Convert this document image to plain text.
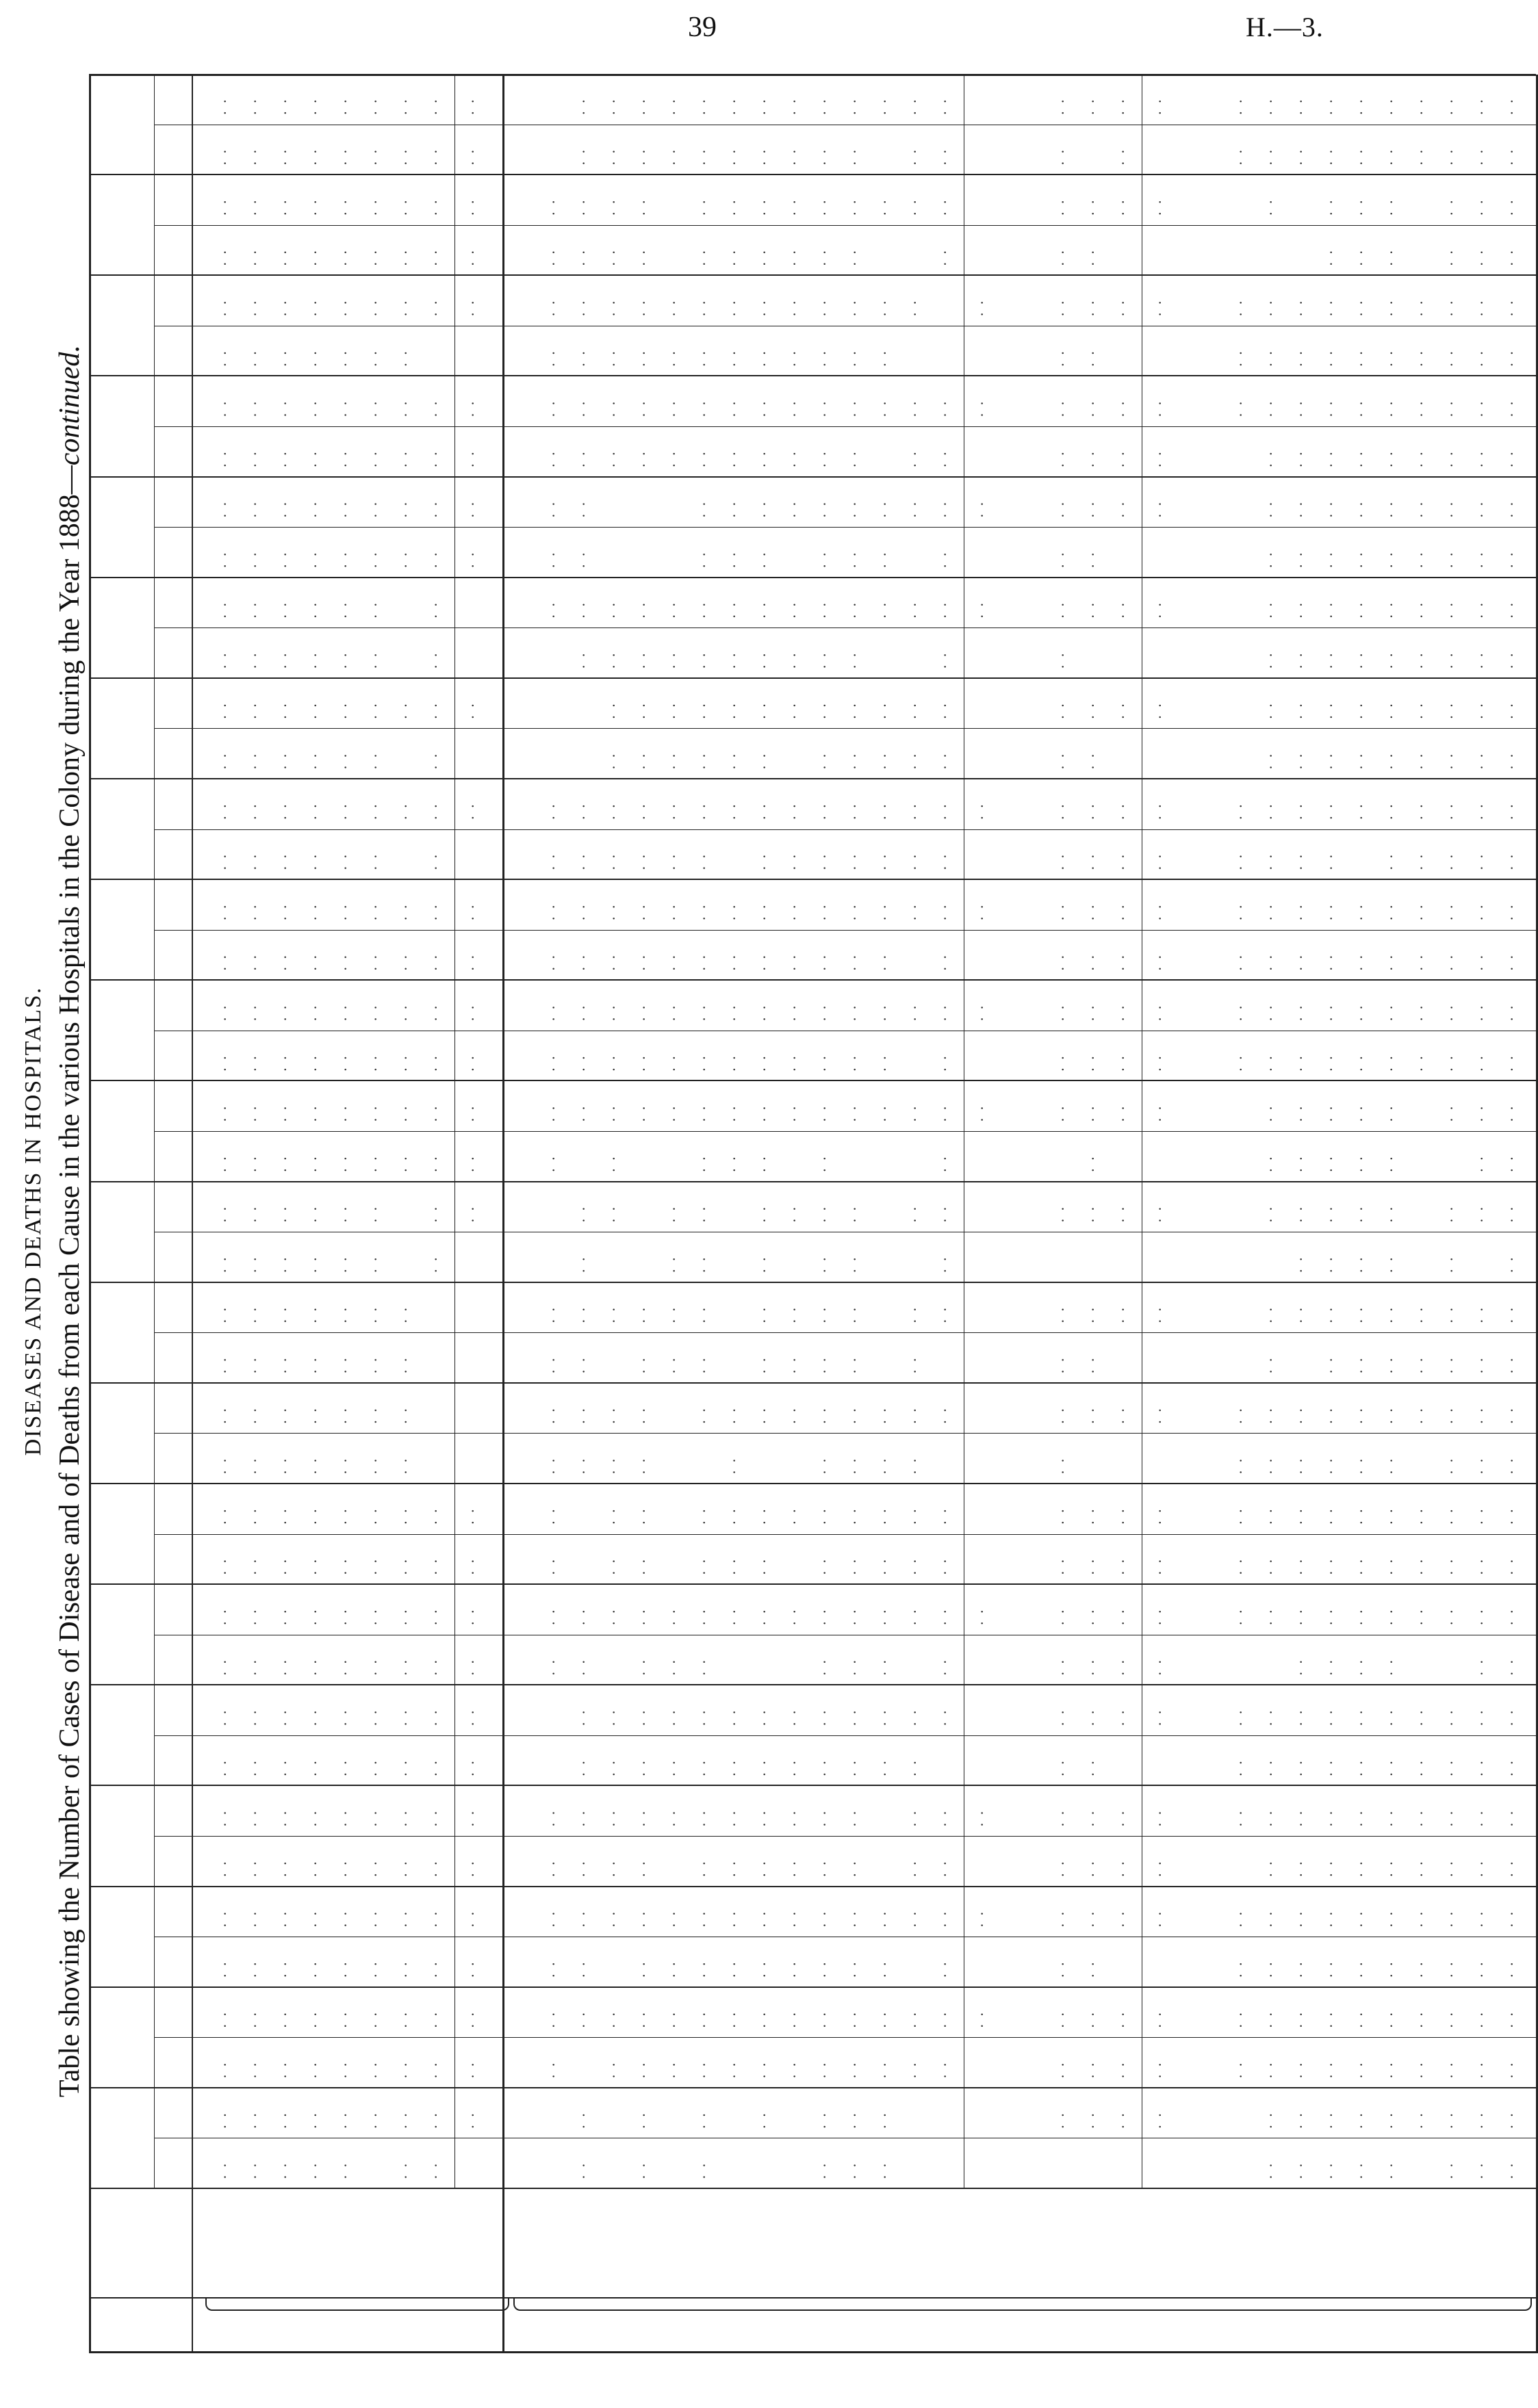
39	H.—3.
DISEASES AND DEATHS IN HOSPITALS. Table showing the Number of Cases of Disease and of Deaths from each Cause in the various Hospitals in the Colony during the Year 1888—continued.
. .
. .
. .
. .
. .
. .
. .
. .
. .
. .
. .
. .
. .
. .
. .
. .
. .
. .
. .
. .
. .
. .
. .
. .
. .
. .
. .
. .
. .
. .
. .
. .
. .
. .
. .
. .
. .
. .
. .
. .
. .
. .
. .
. .
. .
. .
. .
. .
. .
. .
. .
. .
. .
. .
. .
. .
. .
. .
. .
. .
. .
. .
. .
. .
. .
. .
. .
. .
. .
. .
. .
. .
. .
. .
. .
. .
. .
. .
. .
. .
. .
. .
. .
. .
. .
. .
. .
. .
. .
. .
. .
. .
. .
. .
. .
. .
. .
. .
. .
. .
. .
. .
. .
. .
. .
. .
. .
. .
. .
. .
. .
. .
. .
. .
. .
. .
. .
. .
. .
. .
. .
. .
. .
. .
. .
. .
. .
. .
. .
. .
. .
. .
. .
. .
. .
. .
. .
. .
. .
. .
. .
. .
. .
. .
. .
. .
. .
. .
. .
. .
. .
. .
. .
. .
. .
. .
. .
. .
. .
. .
. .
. .
. .
. .
. .
. .
. .
. .
. .
. .
. .
. .
. .
. .
. .
. .
. .
. .
. .
. .
. .
. .
. .
. .
. .
. .
. .
. .
. .
. .
. .
. .
. .
. .
. .
. .
. .
. .
. .
. .
. .
. .
. .
. .
. .
. .
. .
. .
. .
. .
. .
. .
. .
. .
. .
. .
. .
. .
. .
. .
. .
. .
. .
. .
. .
. .
. .
. .
. .
. .
. .
. .
. .
. .
. .
. .
. .
. .
. .
. .
. .
. .
. .
. .
. .
. .
. .
. .
. .
. .
. .
. .
. .
. .
. .
. .
. .
. .
. .
. .
. .
. .
. .
. .
. .
. .
. .
. .
. .
. .
. .
. .
. .
. .
. .
. .
. .
. .
. .
. .
. .
. .
. .
. .
. .
. .
. .
. .
. .
. .
. .
. .
. .
. .
. .
. .
. .
. .
. .
. .
. .
. .
. .
. .
. .
. .
. .
. .
. .
. .
. .
. .
. .
. .
. .
. .
. .
. .
. .
. .
. .
. .
. .
. .
. .
. .
. .
. .
. .
. .
. .
. .
. .
. .
. .
. .
. .
. .
. .
. .
. .
. .
. .
. .
. .
. .
. .
. .
. .
. .
. .
. .
. .
. .
. .
. .
. .
. .
. .
. .
. .
. .
. .
. .
. .
. .
. .
. .
. .
. .
. .
. .
. .
. .
. .
. .
. .
. .
. .
. .
. .
. .
. .
. .
. .
. .
. .
. .
. .
. .
. .
. .
. .
. .
. .
. .
. .
. .
. .
. .
. .
. .
. .
. .
. .
. .
. .
. .
. .
. .
. .
. .
. .
. .
. .
. .
. .
. .
. .
. .
. .
. .
. .
. .
. .
. .
. .
. .
. .
. .
. .
. .
. .
. .
. .
. .
. .
. .
. .
. .
. .
. .
. .
. .
. .
. .
. .
. .
. .
. .
. .
. .
. .
. .
. .
. .
. .
. .
. .
. .
. .
. .
. .
. .
. .
. .
. .
. .
. .
. .
. .
. .
. .
. .
. .
. .
. .
. .
. .
. .
. .
. .
. .
. .
. .
. .
. .
. .
. .
. .
. .
. .
. .
. .
. .
. .
. .
. .
. .
. .
. .
. .
. .
. .
. .
. .
. .
. .
. .
. .
. .
. .
. .
. .
. .
. .
. .
. .
. .
. .
. .
. .
. .
. .
. .
. .
. .
. .
. .
. .
. .
. .
. .
. .
. .
. .
. .
. .
. .
. .
. .
. .
. .
. .
. .
. .
. .
. .
. .
. .
. .
. .
. .
. .
. .
. .
. .
. .
. .
. .
. .
. .
. .
. .
. .
. .
. .
. .
. .
. .
. .
. .
. .
. .
. .
. .
. .
. .
. .
. .
. .
. .
. .
. .
. .
. .
. .
. .
. .
. .
. .
. .
. .
. .
. .
. .
. .
. .
. .
. .
. .
. .
. .
. .
. .
. .
. .
. .
. .
. .
. .
. .
. .
. .
. .
. .
. .
. .
. .
. .
. .
. .
. .
. .
. .
. .
. .
. .
. .
. .
. .
. .
. .
. .
. .
. .
. .
. .
. .
. .
. .
. .
. .
. .
. .
. .
. .
. .
. .
. .
. .
. .
. .
. .
. .
. .
. .
. .
. .
. .
. .
. .
. .
. .
. .
. .
. .
. .
. .
. .
. .
. .
. .
. .
. .
. .
. .
. .
. .
. .
. .
. .
. .
. .
. .
. .
. .
. .
. .
. .
. .
. .
. .
. .
. .
. .
. .
. .
. .
. .
. .
. .
. .
. .
. .
. .
. .
. .
. .
. .
. .
. .
. .
. .
. .
. .
. .
. .
. .
. .
. .
. .
. .
. .
. .
. .
. .
. .
. .
. .
. .
. .
. .
. .
. .
. .
. .
. .
. .
. .
. .
. .
. .
. .
. .
. .
. .
. .
. .
. .
. .
. .
. .
. .
. .
. .
. .
. .
. .
. .
. .
. .
. .
. .
. .
. .
. .
. .
. .
. .
. .
. .
. .
. .
. .
. .
. .
. .
. .
. .
. .
. .
. .
. .
. .
. .
. .
. .
. .
. .
. .
. .
. .
. .
. .
. .
. .
. .
. .
. .
. .
. .
. .
. .
. .
. .
. .
. .
. .
. .
. .
. .
. .
. .
. .
. .
. .
. .
. .
. .
. .
. .
. .
. .
. .
. .
. .
. .
. .
. .
. .
. .
. .
. .
. .
. .
. .
. .
. .
. .
. .
. .
. .
. .
. .
. .
. .
. .
. .
. .
. .
. .
. .
. .
. .
. .
. .
. .
. .
. .
. .
. .
. .
. .
. .
. .
. .
. .
. .
. .
. .
. .
. .
. .
. .
. .
. .
. .
. .
. .
. .
. .
. .
. .
. .
. .
. .
. .
. .
. .
. .
. .
. .
. .
. .
. .
. .
. .
. .
. .
. .
. .
. .
. .
. .
. .
. .
. .
. .
. .
. .
. .
. .
. .
. .
. .
. .
. .
. .
. .
. .
. .
. .
. .
. .
. .
. .
. .
. .
. .
. .
. .
. .
. .
. .
. .
. .
. .
. .
. .
. .
. .
. .
. .
. .
. .
. .
. .
. .
. .
. .
. .
. .
. .
. .
. .
. .
. .
. .
. .
. .
. .
. .
. .
. .
. .
. .
. .
. .
. .
. .
. .
. .
. .
. .
. .
. .
. .
. .
. .
. .
. .
. .
. .
. .
. .
. .
. .
. .
. .
. .
. .
. .
. .
. .
. .
. .
. .
. .
. .
. .
. .
. .
. .
. .
. .
. .
. .
. .
. .
. .
. .
. .
. .
. .
. .
. .
. .
. .
. .
. .
. .
. .
. .
. .
. .
. .
. .
. .
. .
. .
. .
. .
. .
. .
. .
. .
. .
. .
. .
. .
. .
. .
. .
. .
. .
. .
. .
. .
. .
. .
. .
. .
. .
. .
. .
. .
. .
. .
. .
. .
. .
. .
. .
. .
. .
. .
. .
. .
. .
. .
. .
. .
. .
. .
. .
. .
. .
. .
. .
. .
. .
. .
. .
. .
. .
. .
. .
. .
. .
. .
. .
. .
. .
. .
. .
. .
. .
. .
. .
. .
. .
. .
. .
. .
. .
. .
. .
. .
. .
. .
. .
. .
. .
. .
. .
. .
. .
. .
. .
. .
. .
. .
. .
. .
. .
. .
. .
. .
. .
. .
. .
. .
. .
. .
. .
. .
. .
. .
. .
. .
. .
. .
. .
. .
. .
. .
. .
. .
. .
. .
. .
. .
. .
. .
. .
. .
. .
. .
. .
. .
. .
. .
. .
. .
. .
. .
. .
. .
. .
. .
. .
. .
. .
. .
. .
. .
. .
. .
. .
. .
. .
. .
. .
. .
. .
. .
. .
. .
. .
. .
. .
. .
. .
. .
. .
. .
. .
. .
. .
. .
. .
. .
. .
. .
. .
. .
. .
. .
. .
. .
. .
. .
. .
. .
. .
. .
. .
. .
. .
. .
. .
. .
. .
. .
. .
. .
. .
. .
. .
. .
. .
. .
. .
. .
. .
. .
. .
. .
. .
. .
. .
. .
. .
. .
. .
. .
. .
. .
. .
. .
. .
. .
. .
. .
. .
. .
. .
. .
. .
. .
. .
. .
. .
. .
. .
. .
. .
. .
. .
. .
. .
. .
. .
. .
. .
. .
. .
. .
. .
. .
. .
. .
. .
. .
. .
. .
. .
. .
. .
. .
. .
. .
. .
. .
. .
. .
. .
. .
. .
. .
. .
. .
. .
. .
. .
. .
. .
. .
. .
. .
. .
. .
. .
. .
. .
. .
. .
. .
. .
. .
. .
. .
. .
. .
. .
. .
. .
. .
. .
. .
. .
. .
. .
. .
. .
. .
. .
. .
. .
. .
. .
. .
. .
. .
. .
. .
. .
. .
. .
. .
. .
. .
. .
. .
. .
. .
. .
. .
. .
. .
. .
. .
. .
. .
. .
. .
. .
. .
. .
. .
. .
. .
. .
. .
. .
. .
. .
